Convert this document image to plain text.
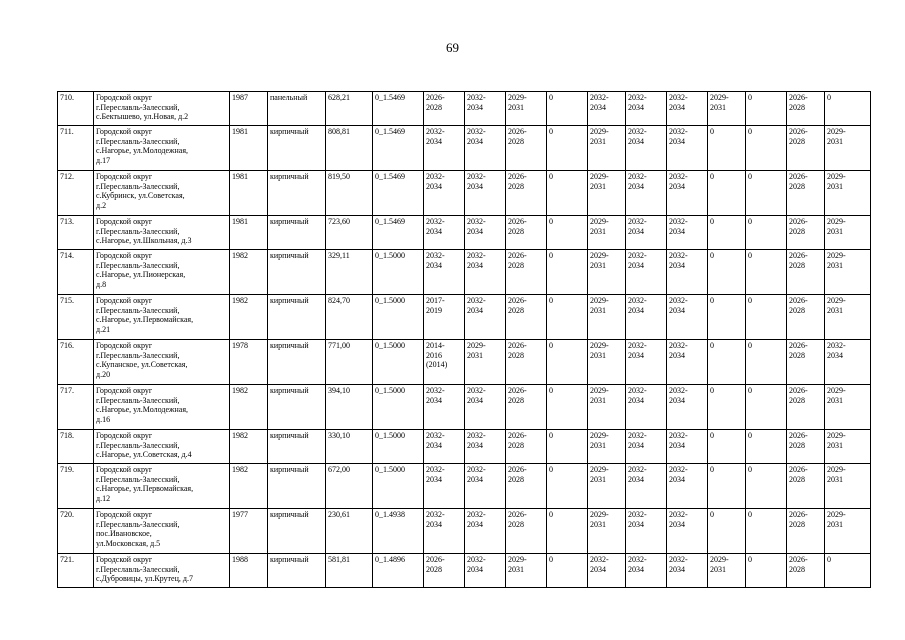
69
710.	Городской округ
г.Переславль-Залесский,
с.Бектышево, ул.Новая, д.2	1987	панельный	628,21	0_1.5469	2026-
2028	2032-
2034	2029-
2031	0	2032-
2034	2032-
2034	2032-
2034	2029-
2031	0	2026-
2028	0
711.	Городской округ
г.Переславль-Залесский,
с.Нагорье, ул.Молодежная,
д.17	1981	кирпичный	808,81	0_1.5469	2032-
2034	2032-
2034	2026-
2028	0	2029-
2031	2032-
2034	2032-
2034	0	0	2026-
2028	2029-
2031
712.	Городской округ
г.Переславль-Залесский,
с.Кубринск, ул.Советская,
д.2	1981	кирпичный	819,50	0_1.5469	2032-
2034	2032-
2034	2026-
2028	0	2029-
2031	2032-
2034	2032-
2034	0	0	2026-
2028	2029-
2031
713.	Городской округ
г.Переславль-Залесский,
с.Нагорье, ул.Школьная, д.3	1981	кирпичный	723,60	0_1.5469	2032-
2034	2032-
2034	2026-
2028	0	2029-
2031	2032-
2034	2032-
2034	0	0	2026-
2028	2029-
2031
714.	Городской округ
г.Переславль-Залесский,
с.Нагорье, ул.Пионерская,
д.8	1982	кирпичный	329,11	0_1.5000	2032-
2034	2032-
2034	2026-
2028	0	2029-
2031	2032-
2034	2032-
2034	0	0	2026-
2028	2029-
2031
715.	Городской округ
г.Переславль-Залесский,
с.Нагорье, ул.Первомайская,
д.21	1982	кирпичный	824,70	0_1.5000	2017-
2019	2032-
2034	2026-
2028	0	2029-
2031	2032-
2034	2032-
2034	0	0	2026-
2028	2029-
2031
716.	Городской округ
г.Переславль-Залесский,
с.Купанское, ул.Советская,
д.20	1978	кирпичный	771,00	0_1.5000	2014-
2016
(2014)	2029-
2031	2026-
2028	0	2029-
2031	2032-
2034	2032-
2034	0	0	2026-
2028	2032-
2034
717.	Городской округ
г.Переславль-Залесский,
с.Нагорье, ул.Молодежная,
д.16	1982	кирпичный	394,10	0_1.5000	2032-
2034	2032-
2034	2026-
2028	0	2029-
2031	2032-
2034	2032-
2034	0	0	2026-
2028	2029-
2031
718.	Городской округ
г.Переславль-Залесский,
с.Нагорье, ул.Советская, д.4	1982	кирпичный	330,10	0_1.5000	2032-
2034	2032-
2034	2026-
2028	0	2029-
2031	2032-
2034	2032-
2034	0	0	2026-
2028	2029-
2031
719.	Городской округ
г.Переславль-Залесский,
с.Нагорье, ул.Первомайская,
д.12	1982	кирпичный	672,00	0_1.5000	2032-
2034	2032-
2034	2026-
2028	0	2029-
2031	2032-
2034	2032-
2034	0	0	2026-
2028	2029-
2031
720.	Городской округ
г.Переславль-Залесский,
пос.Ивановское,
ул.Московская, д.5	1977	кирпичный	230,61	0_1.4938	2032-
2034	2032-
2034	2026-
2028	0	2029-
2031	2032-
2034	2032-
2034	0	0	2026-
2028	2029-
2031
721.	Городской округ
г.Переславль-Залесский,
с.Дубровицы, ул.Крутец, д.7	1988	кирпичный	581,81	0_1.4896	2026-
2028	2032-
2034	2029-
2031	0	2032-
2034	2032-
2034	2032-
2034	2029-
2031	0	2026-
2028	0
